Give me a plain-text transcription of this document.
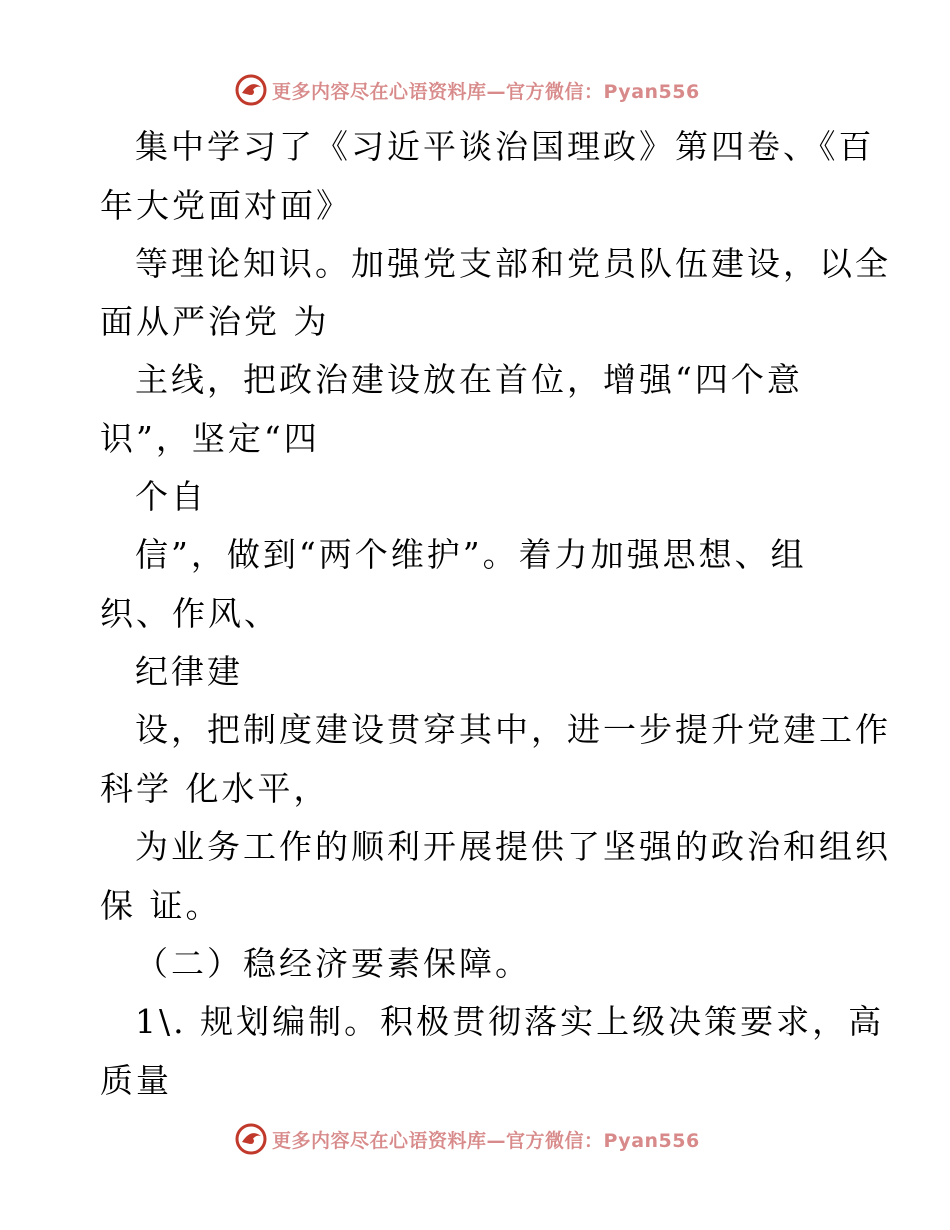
更多内容尽在心语资料库—官方微信：Pyan556
集中学习了《习近平谈治国理政》第四卷、《百
年大党面对面》
等理论知识。加强党支部和党员队伍建设，以全
面从严治党 为
主线，把政治建设放在首位，增强“四个意
识”，坚定“四
个自
信”，做到“两个维护”。着力加强思想、组
织、作风、
纪律建
设，把制度建设贯穿其中，进一步提升党建工作
科学 化水平，
为业务工作的顺利开展提供了坚强的政治和组织
保 证。
（二）稳经济要素保障。
1\. 规划编制。积极贯彻落实上级决策要求，高
质量
更多内容尽在心语资料库—官方微信：Pyan556
